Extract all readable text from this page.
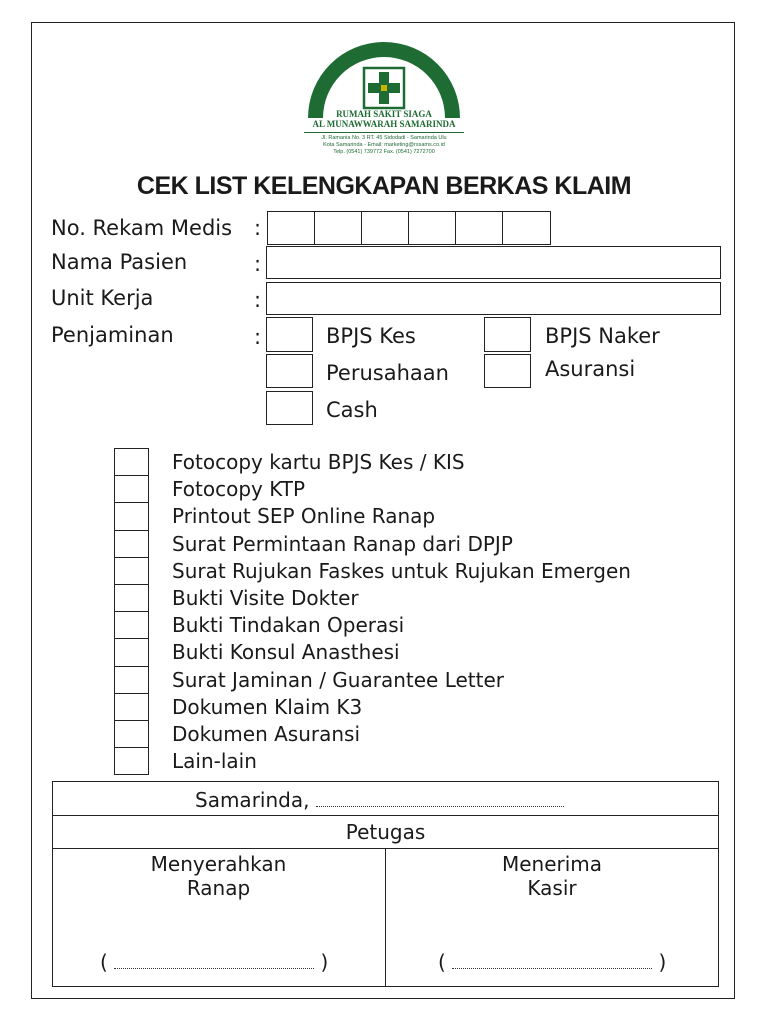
RUMAH SAKIT SIAGA
AL MUNAWWARAH SAMARINDA
Jl. Ramania No. 3 RT. 45 Sidodadi - Samarinda Ulu
Kota Samarinda - Email: marketing@rssams.co.id
Telp. (0541) 739772 Fax. (0541) 7272700
CEK LIST KELENGKAPAN BERKAS KLAIM
No. Rekam Medis :
Nama Pasien	:
Unit Kerja	:
Penjaminan	:	BPJS Kes	BPJS Naker
Perusahaan	Asuransi
Cash
Fotocopy kartu BPJS Kes / KIS
Fotocopy KTP
Printout SEP Online Ranap
Surat Permintaan Ranap dari DPJP
Surat Rujukan Faskes untuk Rujukan Emergen
Bukti Visite Dokter
Bukti Tindakan Operasi
Bukti Konsul Anasthesi
Surat Jaminan / Guarantee Letter
Dokumen Klaim K3
Dokumen Asuransi
Lain-lain
Samarinda,
Petugas
Menyerahkan
Ranap
Menerima
Kasir
(	)	(	)
